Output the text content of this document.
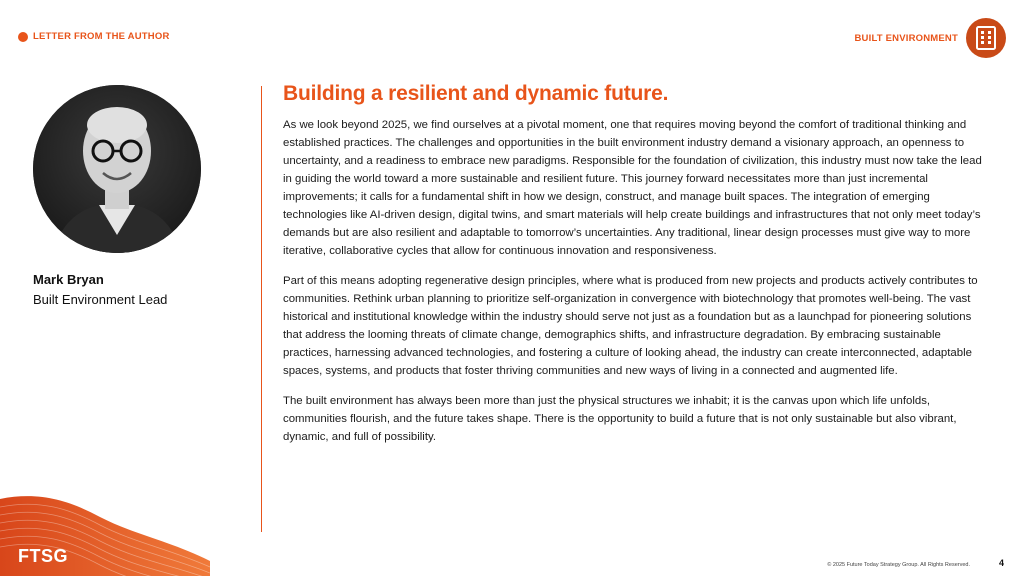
LETTER FROM THE AUTHOR	BUILT ENVIRONMENT
Mark Bryan
Built Environment Lead
Building a resilient and dynamic future.

As we look beyond 2025, we find ourselves at a pivotal moment, one that requires moving beyond the comfort of traditional thinking and established practices. The challenges and opportunities in the built environment industry demand a visionary approach, an openness to uncertainty, and a readiness to embrace new paradigms. Responsible for the foundation of civilization, this industry must now take the lead in guiding the world toward a more sustainable and resilient future. This journey forward necessitates more than just incremental improvements; it calls for a fundamental shift in how we design, construct, and manage built spaces. The integration of emerging technologies like AI-driven design, digital twins, and smart materials will help create buildings and infrastructures that not only meet today’s demands but are also resilient and adaptable to tomorrow’s uncertainties. Any traditional, linear design processes must give way to more iterative, collaborative cycles that allow for continuous innovation and responsiveness.

Part of this means adopting regenerative design principles, where what is produced from new projects and products actively contributes to communities. Rethink urban planning to prioritize self-organization in convergence with biotechnology that promotes well-being. The vast historical and institutional knowledge within the industry should serve not just as a foundation but as a launchpad for pioneering solutions that address the looming threats of climate change, demographics shifts, and infrastructure degradation. By embracing sustainable practices, harnessing advanced technologies, and fostering a culture of looking ahead, the industry can create interconnected, adaptable spaces, systems, and products that foster thriving communities and new ways of living in a connected and augmented life.

The built environment has always been more than just the physical structures we inhabit; it is the canvas upon which life unfolds, communities flourish, and the future takes shape. There is the opportunity to build a future that is not only sustainable but also vibrant, dynamic, and full of possibility.

FTSG	© 2025 Future Today Strategy Group. All Rights Reserved.	4
